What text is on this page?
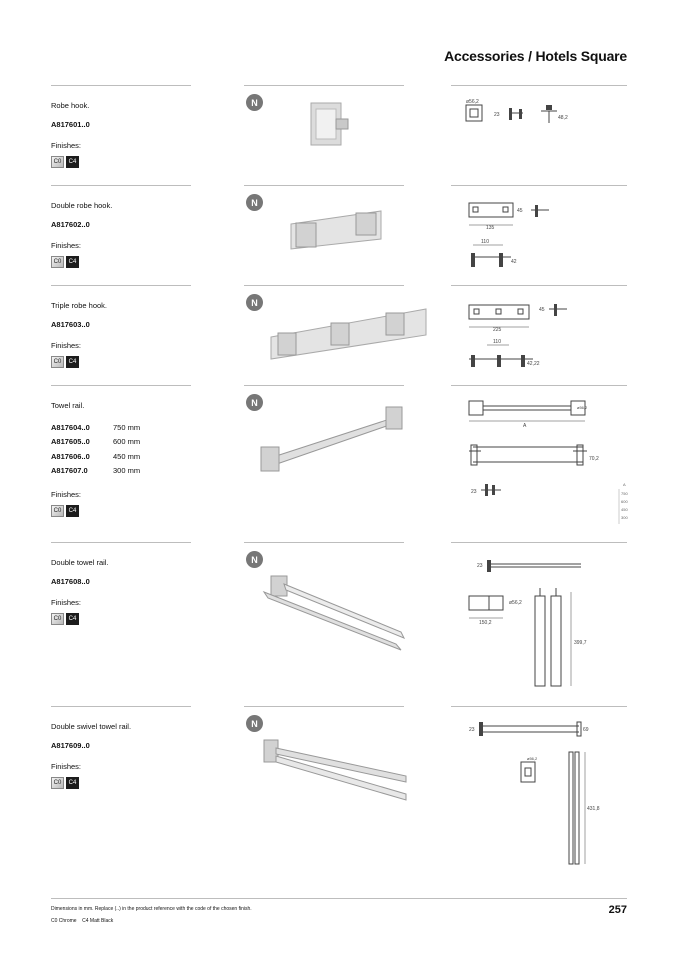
Accessories / Hotels Square
Robe hook.
A817601..0
Finishes:
C0	C4
N	ø56,2
23	48,2
Double robe hook.
A817602..0
Finishes:
C0	C4
N
135
45
110
42
Triple robe hook.
A817603..0
Finishes:
C0	C4
N
225
45
110
42,22
Towel rail.
A817604..0	750 mm
A817605..0	600 mm
A817606..0	450 mm
A817607.0	300 mm
Finishes:
C0	C4
N	ø56,2
A
70,2
23
A
750
600
450
300
Double towel rail.
A817608..0
Finishes:
C0	C4
N
23
ø56,2
150,2
399,7
Double swivel towel rail.
A817609..0
Finishes:
C0	C4
N
23	69
ø56,2
431,8
Dimensions in mm. Replace (..) in the product reference with the code of the chosen finish.
C0 Chrome    C4 Matt Black
257
